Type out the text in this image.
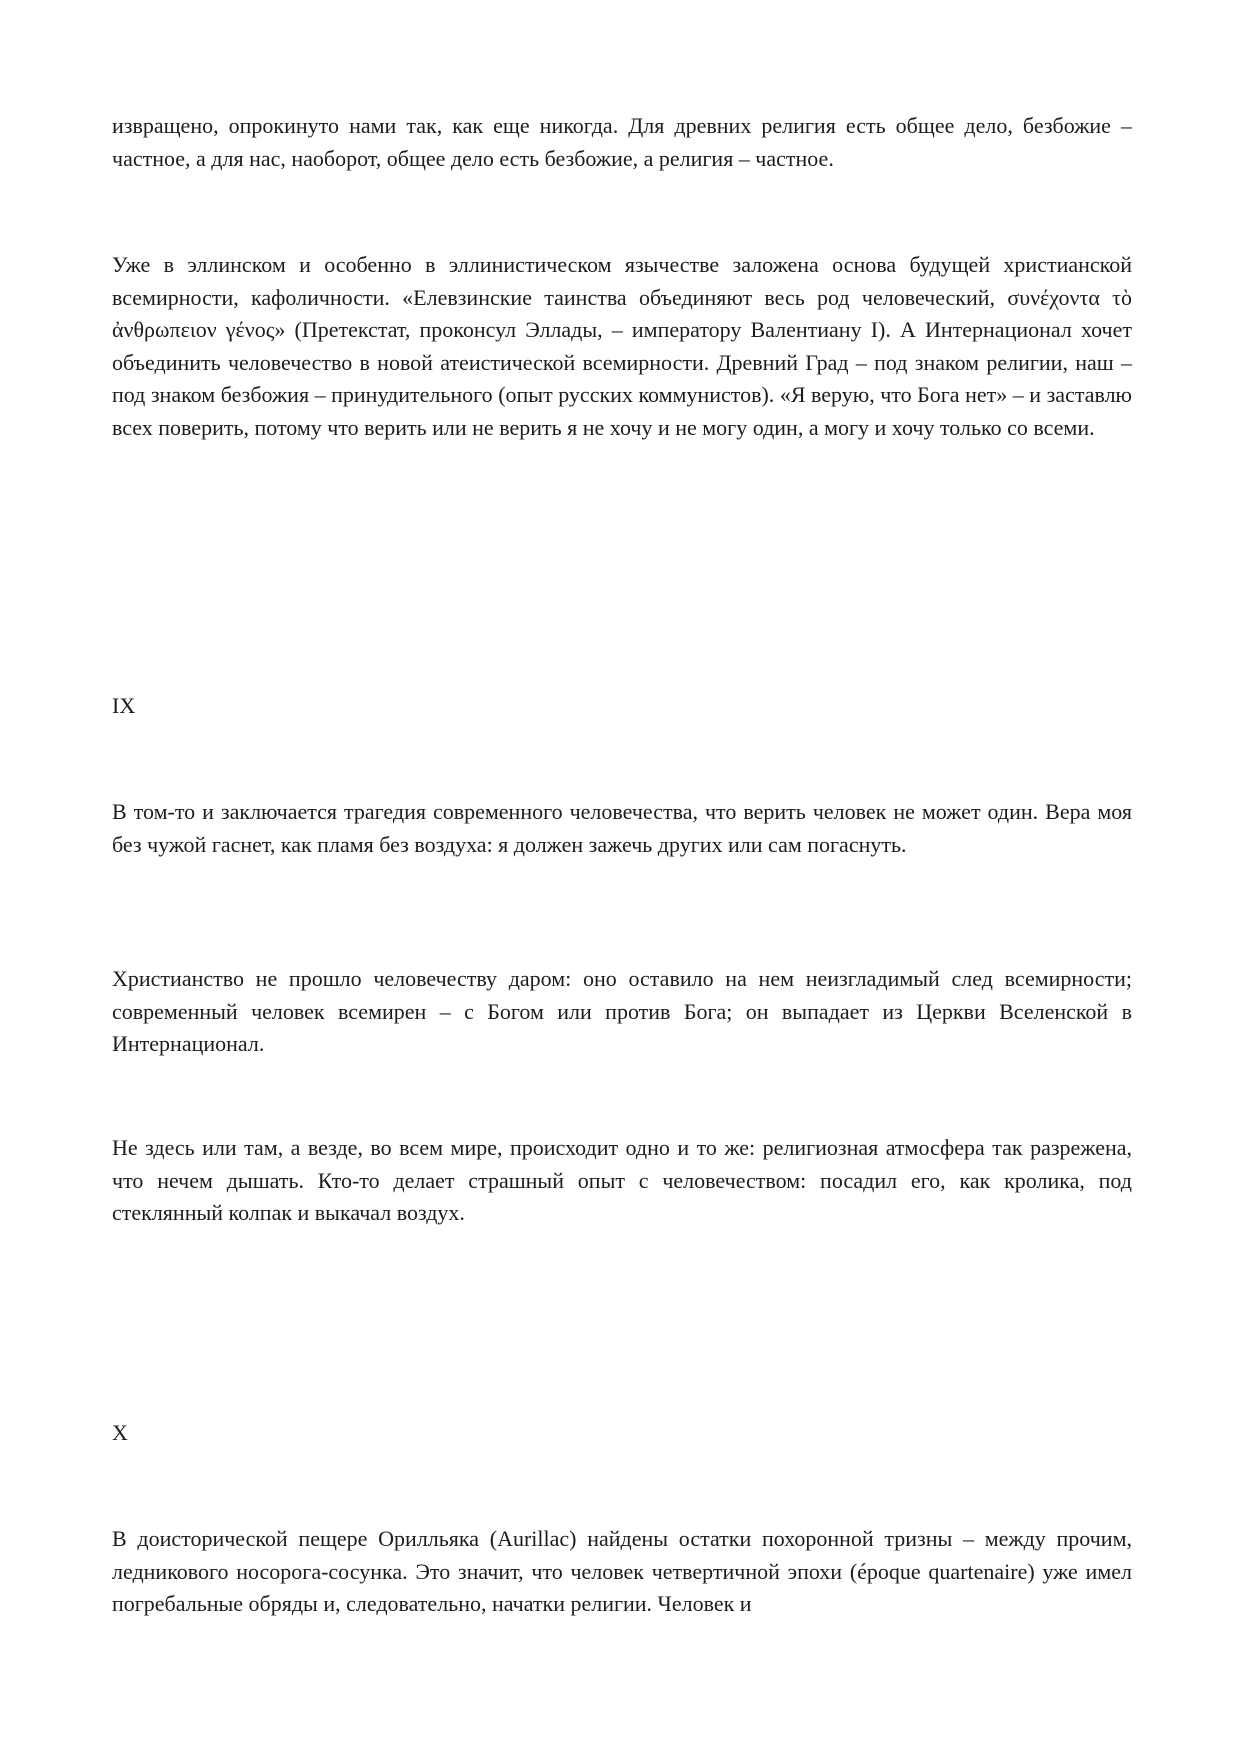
извращено, опрокинуто нами так, как еще никогда. Для древних религия есть общее дело, безбожие – частное, а для нас, наоборот, общее дело есть безбожие, а религия – частное.

Уже в эллинском и особенно в эллинистическом язычестве заложена основа будущей христианской всемирности, кафоличности. «Елевзинские таинства объединяют весь род человеческий, συνέχοντα τὸ ἀνθρωπειον γένος» (Претекстат, проконсул Эллады, – императору Валентиану I). А Интернационал хочет объединить человечество в новой атеистической всемирности. Древний Град – под знаком религии, наш – под знаком безбожия – принудительного (опыт русских коммунистов). «Я верую, что Бога нет» – и заставлю всех поверить, потому что верить или не верить я не хочу и не могу один, а могу и хочу только со всеми.

IX

В том-то и заключается трагедия современного человечества, что верить человек не может один. Вера моя без чужой гаснет, как пламя без воздуха: я должен зажечь других или сам погаснуть.

Христианство не прошло человечеству даром: оно оставило на нем неизгладимый след всемирности; современный человек всемирен – с Богом или против Бога; он выпадает из Церкви Вселенской в Интернационал.

Не здесь или там, а везде, во всем мире, происходит одно и то же: религиозная атмосфера так разрежена, что нечем дышать. Кто-то делает страшный опыт с человечеством: посадил его, как кролика, под стеклянный колпак и выкачал воздух.

X

В доисторической пещере Орилльяка (Aurillac) найдены остатки похоронной тризны – между прочим, ледникового носорога-сосунка. Это значит, что человек четвертичной эпохи (époque quartenaire) уже имел погребальные обряды и, следовательно, начатки религии. Человек и
